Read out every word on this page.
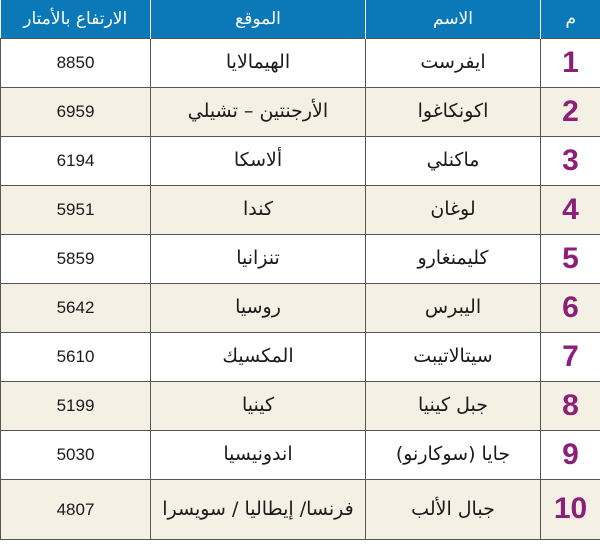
م	الاسم	الموقع	الارتفاع بالأمتار
1	ايفرست	الهيمالايا	8850
2	اكونكاغوا	الأرجنتين – تشيلي	6959
3	ماكنلي	ألاسكا	6194
4	لوغان	كندا	5951
5	كليمنغارو	تنزانيا	5859
6	اليبرس	روسيا	5642
7	سيتالاتيبت	المكسيك	5610
8	جبل كينيا	كينيا	5199
9	جايا (سوكارنو)	اندونيسيا	5030
10	جبال الألب	فرنسا/ إيطاليا / سويسرا	4807
